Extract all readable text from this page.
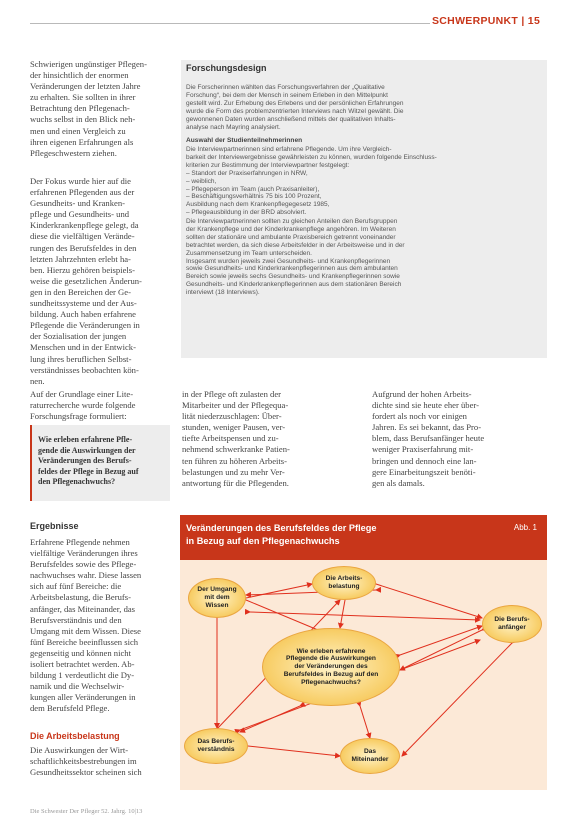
SCHWERPUNKT | 15
Schwierigen ungünstiger Pflegen-
der hinsichtlich der enormen
Veränderungen der letzten Jahre
zu erhalten. Sie sollten in ihrer
Betrachtung den Pflegenach-
wuchs selbst in den Blick neh-
men und einen Vergleich zu
ihren eigenen Erfahrungen als
Pflegeschwestern ziehen.
Der Fokus wurde hier auf die
erfahrenen Pflegenden aus der
Gesundheits- und Kranken-
pflege und Gesundheits- und
Kinderkrankenpflege gelegt, da
diese die vielfältigen Verände-
rungen des Berufsfeldes in den
letzten Jahrzehnten erlebt ha-
ben. Hierzu gehören beispiels-
weise die gesetzlichen Änderun-
gen in den Bereichen der Ge-
sundheitssysteme und der Aus-
bildung. Auch haben erfahrene
Pflegende die Veränderungen in
der Sozialisation der jungen
Menschen und in der Entwick-
lung ihres beruflichen Selbst-
verständnisses beobachten kön-
nen.
Auf der Grundlage einer Lite-
raturrecherche wurde folgende
Forschungsfrage formuliert:

Wie erleben erfahrene Pfle-
gende die Auswirkungen der
Veränderungen des Berufs-
feldes der Pflege in Bezug auf
den Pflegenachwuchs?

in der Pflege oft zulasten der
Mitarbeiter und der Pflegequa-
lität niederzuschlagen: Über-
stunden, weniger Pausen, ver-
tiefte Arbeitspensen und zu-
nehmend schwerkranke Patien-
ten führen zu höheren Arbeits-
belastungen und zu mehr Ver-
antwortung für die Pflegenden.
Aufgrund der hohen Arbeits-
dichte sind sie heute eher über-
fordert als noch vor einigen
Jahren. Es sei bekannt, das Pro-
blem, dass Berufsanfänger heute
weniger Praxiserfahrung mit-
bringen und dennoch eine lan-
gere Einarbeitungszeit benöti-
gen als damals.
Forschungsdesign
Die Forscherinnen wählten das Forschungsverfahren der „Qualitative
Forschung“, bei dem der Mensch in seinem Erleben in den Mittelpunkt
gestellt wird. Zur Erhebung des Erlebens und der persönlichen Erfahrungen
wurde die Form des problemzentrierten Interviews nach Witzel gewählt. Die
gewonnenen Daten wurden anschließend mittels der qualitativen Inhalts-
analyse nach Mayring analysiert.
Auswahl der Studienteilnehmerinnen
Die Interviewpartnerinnen sind erfahrene Pflegende. Um ihre Vergleich-
barkeit der Interviewergebnisse gewährleisten zu können, wurden folgende Einschluss-
kriterien zur Bestimmung der Interviewpartner festgelegt:
– Standort der Praxiserfahrungen in NRW,
– weiblich,
– Pflegeperson im Team (auch Praxisanleiter),
– Beschäftigungsverhältnis 75 bis 100 Prozent,
Ausbildung nach dem Krankenpflegegesetz 1985,
– Pflegeausbildung in der BRD absolviert.
Die Interviewpartnerinnen sollten zu gleichen Anteilen den Berufsgruppen
der Krankenpflege und der Kinderkrankenpflege angehören. Im Weiteren
sollten der stationäre und ambulante Praxisbereich getrennt voneinander
betrachtet werden, da sich diese Arbeitsfelder in der Arbeitsweise und in der
Zusammensetzung im Team unterscheiden.
Insgesamt wurden jeweils zwei Gesundheits- und Krankenpflegerinnen
sowie Gesundheits- und Kinderkrankenpflegerinnen aus dem ambulanten
Bereich sowie jeweils sechs Gesundheits- und Krankenpflegerinnen sowie
Gesundheits- und Kinderkrankenpflegerinnen aus dem stationären Bereich
interviewt (18 Interviews).
Ergebnisse
Erfahrene Pflegende nehmen
vielfältige Veränderungen ihres
Berufsfeldes sowie des Pflege-
nachwuchses wahr. Diese lassen
sich auf fünf Bereiche: die
Arbeitsbelastung, die Berufs-
anfänger, das Miteinander, das
Berufsverständnis und den
Umgang mit dem Wissen. Diese
fünf Bereiche beeinflussen sich
gegenseitig und können nicht
isoliert betrachtet werden. Ab-
bildung 1 verdeutlicht die Dy-
namik und die Wechselwir-
kungen aller Veränderungen in
dem Berufsfeld Pflege.
Die Arbeitsbelastung
Die Auswirkungen der Wirt-
schaftlichkeitsbestrebungen im
Gesundheitssektor scheinen sich
Veränderungen des Berufsfeldes der Pflege
in Bezug auf den Pflegenachwuchs
Abb. 1
Der Umgang
mit dem
Wissen
Die Arbeits-
belastung
Die Berufs-
anfänger
Wie erleben erfahrene
Pflegende die Auswirkungen
der Veränderungen des
Berufsfeldes in Bezug auf den
Pflegenachwuchs?
Das Berufs-
verständnis	Das
Miteinander
Die Schwester Der Pfleger 52. Jahrg. 10|13
